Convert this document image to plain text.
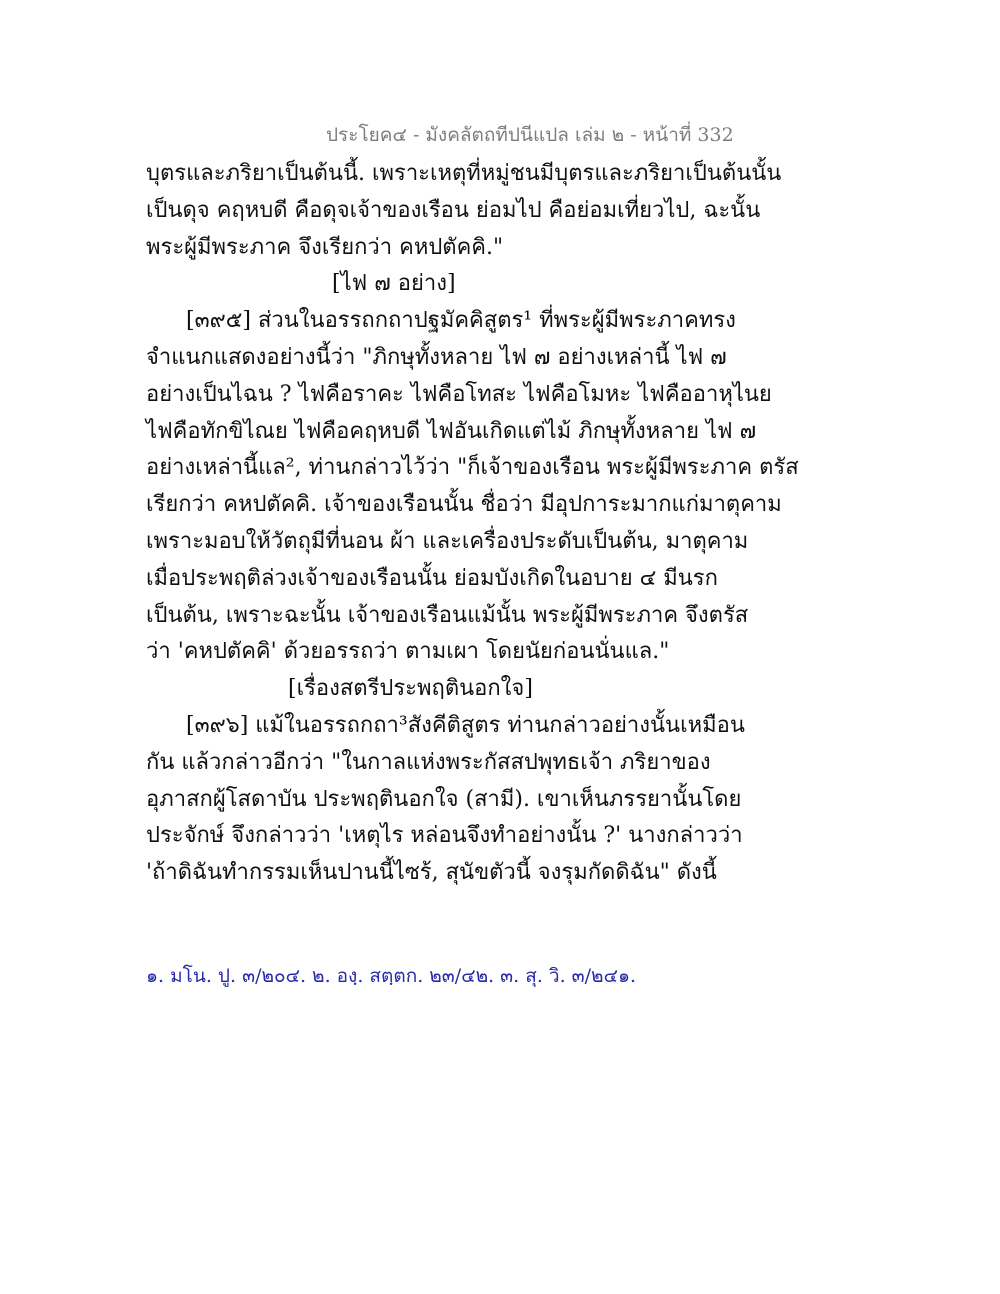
ประโยค๔ - มังคลัตถทีปนีแปล เล่ม ๒ - หน้าที่ 332
บุตรและภริยาเป็นต้นนี้. เพราะเหตุที่หมู่ชนมีบุตรและภริยาเป็นต้นนั้น
เป็นดุจ คฤหบดี คือดุจเจ้าของเรือน ย่อมไป คือย่อมเที่ยวไป, ฉะนั้น
พระผู้มีพระภาค จึงเรียกว่า คหปตัคคิ."
[ไฟ ๗ อย่าง]
[๓๙๕] ส่วนในอรรถกถาปฐมัคคิสูตร¹ ที่พระผู้มีพระภาคทรง
จำแนกแสดงอย่างนี้ว่า "ภิกษุทั้งหลาย ไฟ ๗ อย่างเหล่านี้ ไฟ ๗
อย่างเป็นไฉน ? ไฟคือราคะ ไฟคือโทสะ ไฟคือโมหะ ไฟคืออาหุไนย
ไฟคือทักขิไณย ไฟคือคฤหบดี ไฟอันเกิดแต่ไม้ ภิกษุทั้งหลาย ไฟ ๗
อย่างเหล่านี้แล², ท่านกล่าวไว้ว่า "ก็เจ้าของเรือน พระผู้มีพระภาค ตรัส
เรียกว่า คหปตัคคิ. เจ้าของเรือนนั้น ชื่อว่า มีอุปการะมากแก่มาตุคาม
เพราะมอบให้วัตถุมีที่นอน ผ้า และเครื่องประดับเป็นต้น, มาตุคาม
เมื่อประพฤติล่วงเจ้าของเรือนนั้น ย่อมบังเกิดในอบาย ๔ มีนรก
เป็นต้น, เพราะฉะนั้น เจ้าของเรือนแม้นั้น พระผู้มีพระภาค จึงตรัส
ว่า 'คหปตัคคิ' ด้วยอรรถว่า ตามเผา โดยนัยก่อนนั่นแล."
[เรื่องสตรีประพฤตินอกใจ]
[๓๙๖] แม้ในอรรถกถา³สังคีติสูตร ท่านกล่าวอย่างนั้นเหมือน
กัน แล้วกล่าวอีกว่า "ในกาลแห่งพระกัสสปพุทธเจ้า ภริยาของ
อุภาสกผู้โสดาบัน ประพฤตินอกใจ (สามี). เขาเห็นภรรยานั้นโดย
ประจักษ์ จึงกล่าวว่า 'เหตุไร หล่อนจึงทำอย่างนั้น ?' นางกล่าวว่า
'ถ้าดิฉันทำกรรมเห็นปานนี้ไซร้, สุนัขตัวนี้ จงรุมกัดดิฉัน" ดังนี้
๑. มโน. ปู. ๓/๒๐๔. ๒. องฺ. สตฺตก. ๒๓/๔๒. ๓. สุ. วิ. ๓/๒๔๑.
